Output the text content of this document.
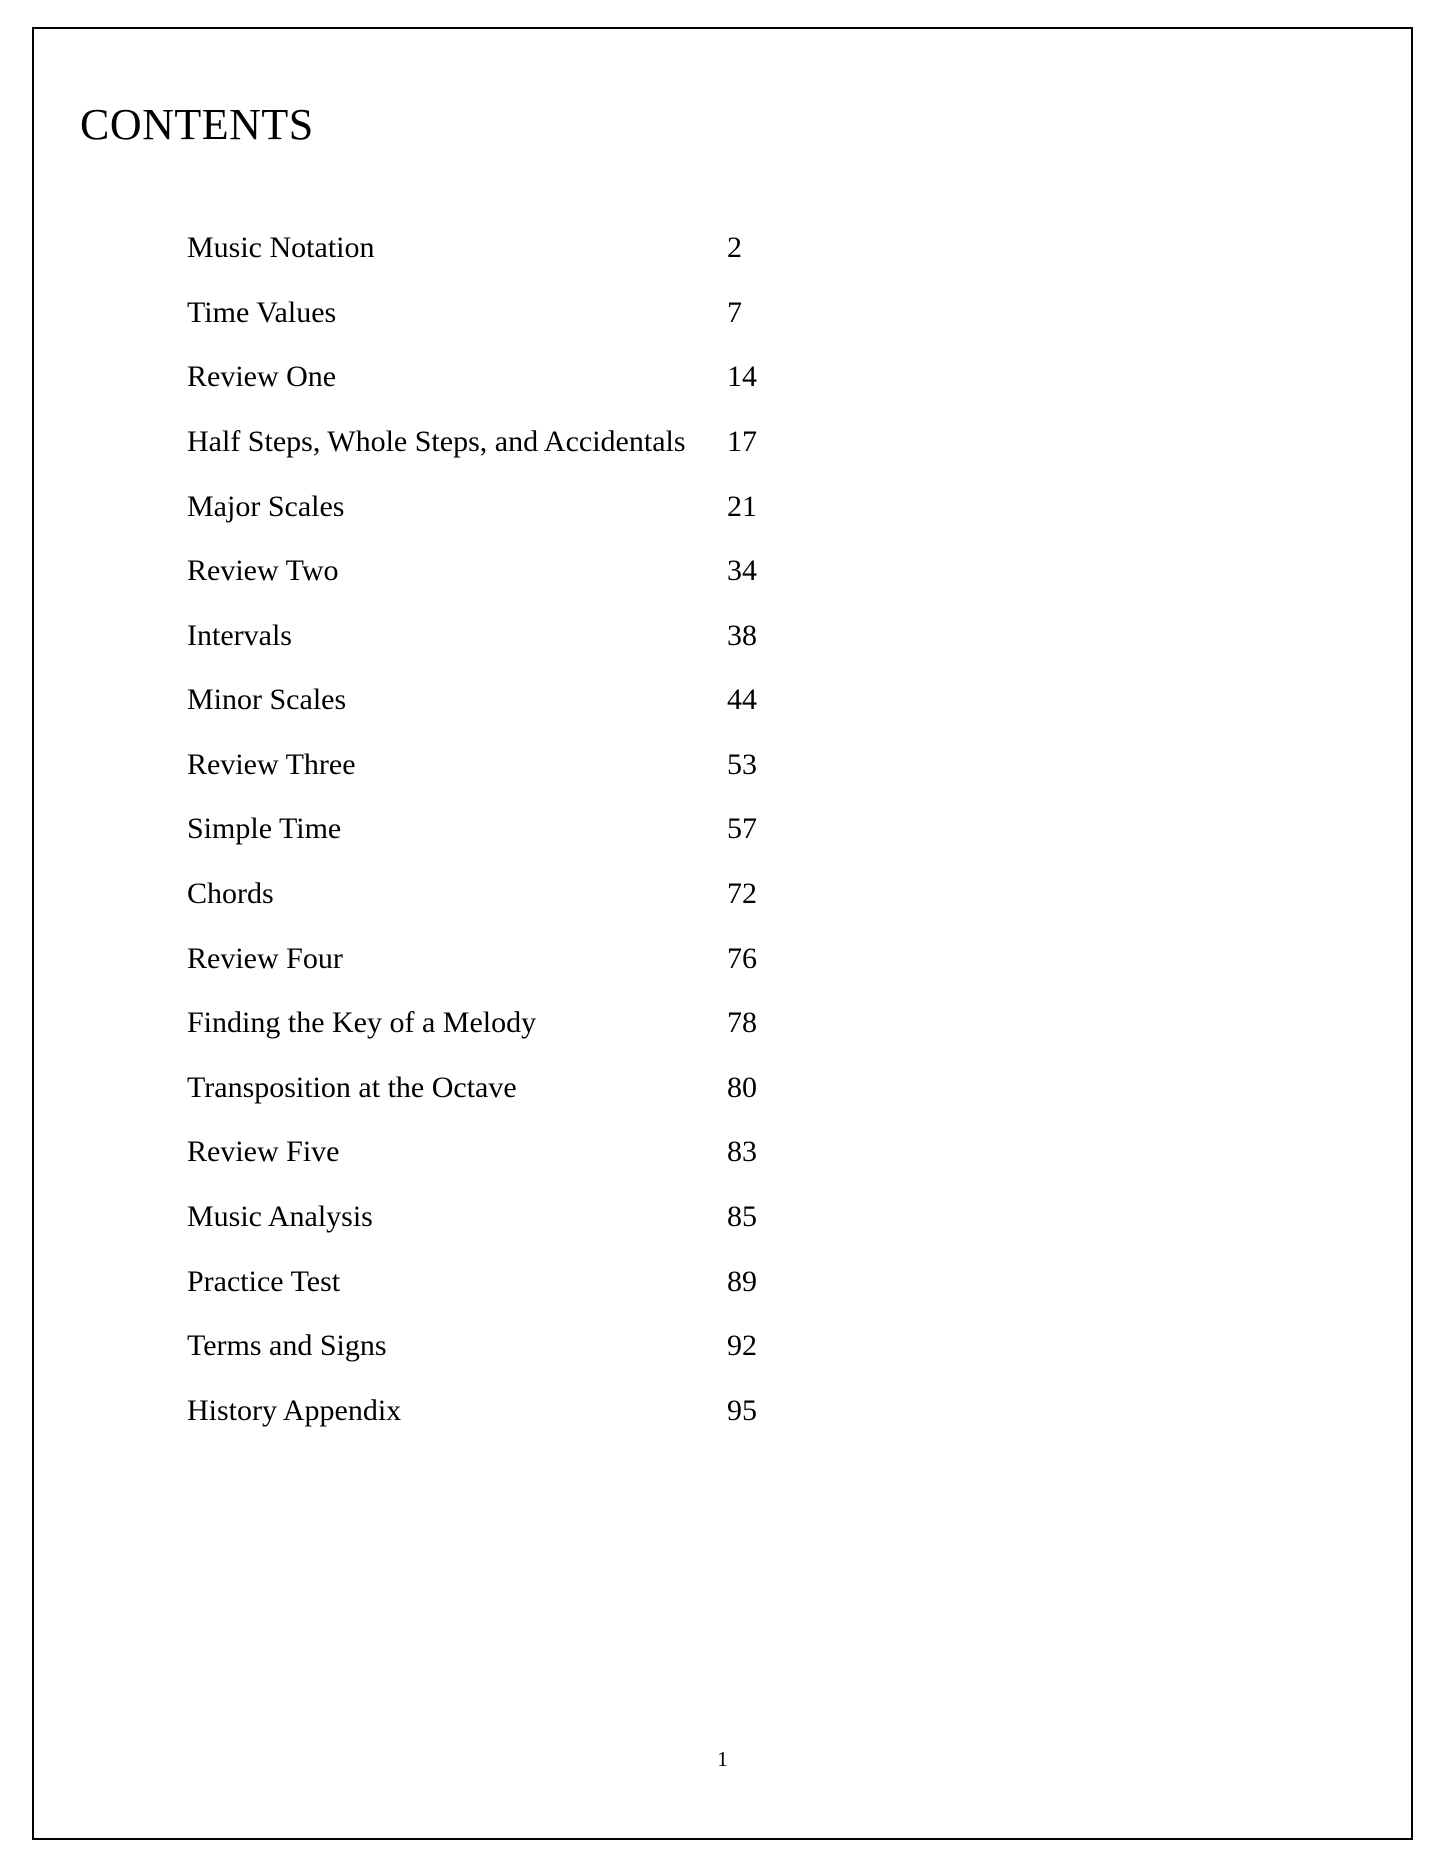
contents
Music Notation	2
Time Values	7
Review One	14
Half Steps, Whole Steps, and Accidentals	17
Major Scales	21
Review Two	34
Intervals	38
Minor Scales	44
Review Three	53
Simple Time	57
Chords	72
Review Four	76
Finding the Key of a Melody	78
Transposition at the Octave	80
Review Five	83
Music Analysis	85
Practice Test	89
Terms and Signs	92
History Appendix	95
1
